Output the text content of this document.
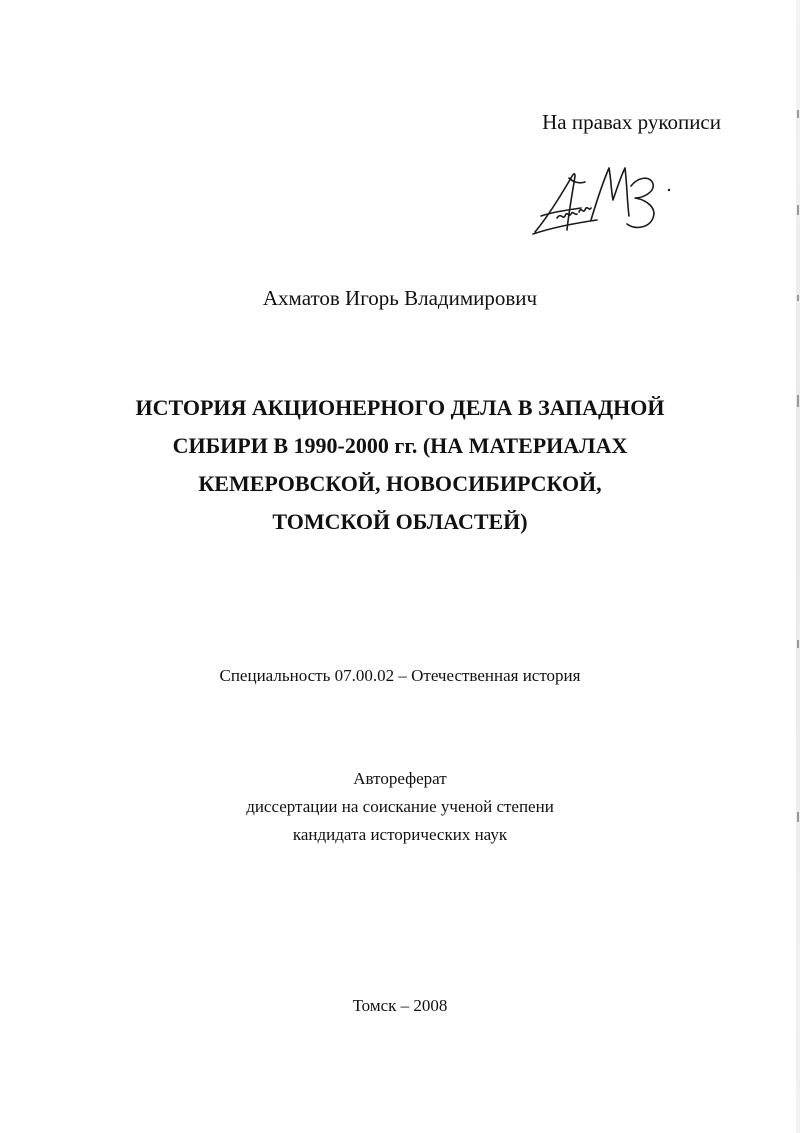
На правах рукописи
Ахматов Игорь Владимирович
ИСТОРИЯ АКЦИОНЕРНОГО ДЕЛА В ЗАПАДНОЙ
СИБИРИ В 1990-2000 гг. (НА МАТЕРИАЛАХ
КЕМЕРОВСКОЙ, НОВОСИБИРСКОЙ,
ТОМСКОЙ ОБЛАСТЕЙ)
Специальность 07.00.02 – Отечественная история
Автореферат
диссертации на соискание ученой степени
кандидата исторических наук
Томск – 2008
